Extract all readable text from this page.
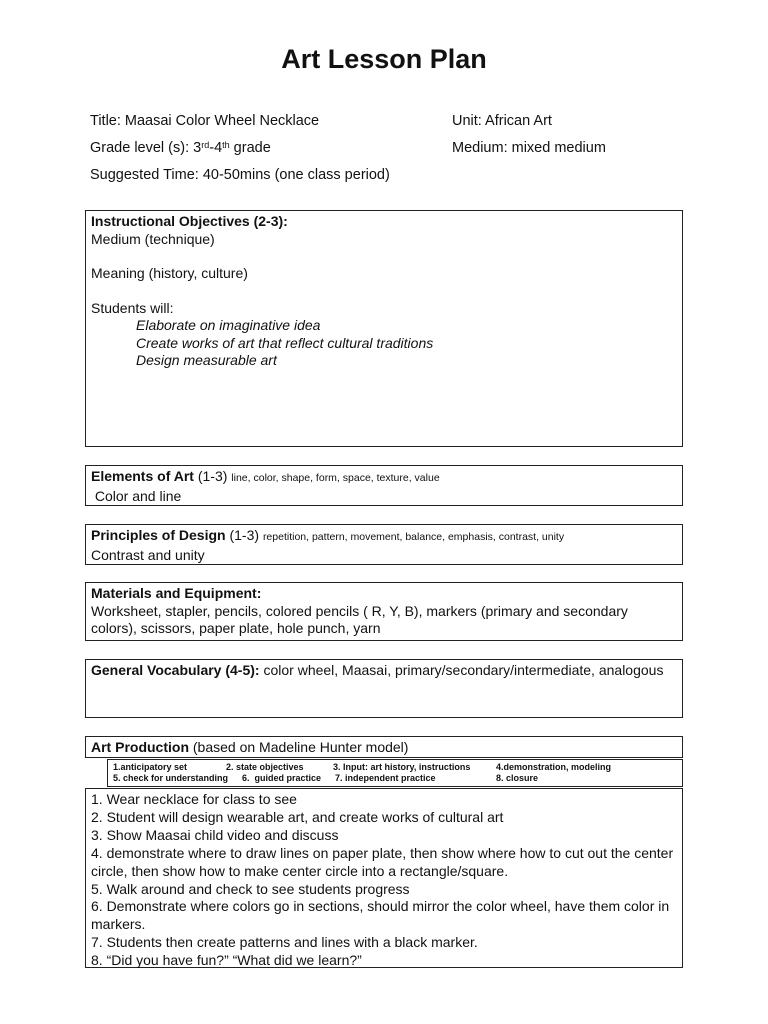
Art Lesson Plan
Title: Maasai Color Wheel Necklace	Unit: African Art
Grade level (s): 3rd-4th grade	Medium: mixed medium
Suggested Time: 40-50mins (one class period)
Instructional Objectives (2-3):
Medium (technique)
Meaning (history, culture)
Students will:
Elaborate on imaginative idea
Create works of art that reflect cultural traditions
Design measurable art
Elements of Art (1-3) line, color, shape, form, space, texture, value
Color and line
Principles of Design (1-3) repetition, pattern, movement, balance, emphasis, contrast, unity
Contrast and unity
Materials and Equipment:
Worksheet, stapler, pencils, colored pencils ( R, Y, B), markers (primary and secondary colors), scissors, paper plate, hole punch, yarn
General Vocabulary (4-5): color wheel, Maasai, primary/secondary/intermediate, analogous
Art Production (based on Madeline Hunter model)
1.anticipatory set	2. state objectives	3. Input: art history, instructions	4.demonstration, modeling
5. check for understanding	6.  guided practice	7. independent practice	8. closure
1. Wear necklace for class to see
2. Student will design wearable art, and create works of cultural art
3. Show Maasai child video and discuss
4. demonstrate where to draw lines on paper plate, then show where how to cut out the center circle, then show how to make center circle into a rectangle/square.
5. Walk around and check to see students progress
6. Demonstrate where colors go in sections, should mirror the color wheel, have them color in markers.
7. Students then create patterns and lines with a black marker.
8. “Did you have fun?” “What did we learn?”
